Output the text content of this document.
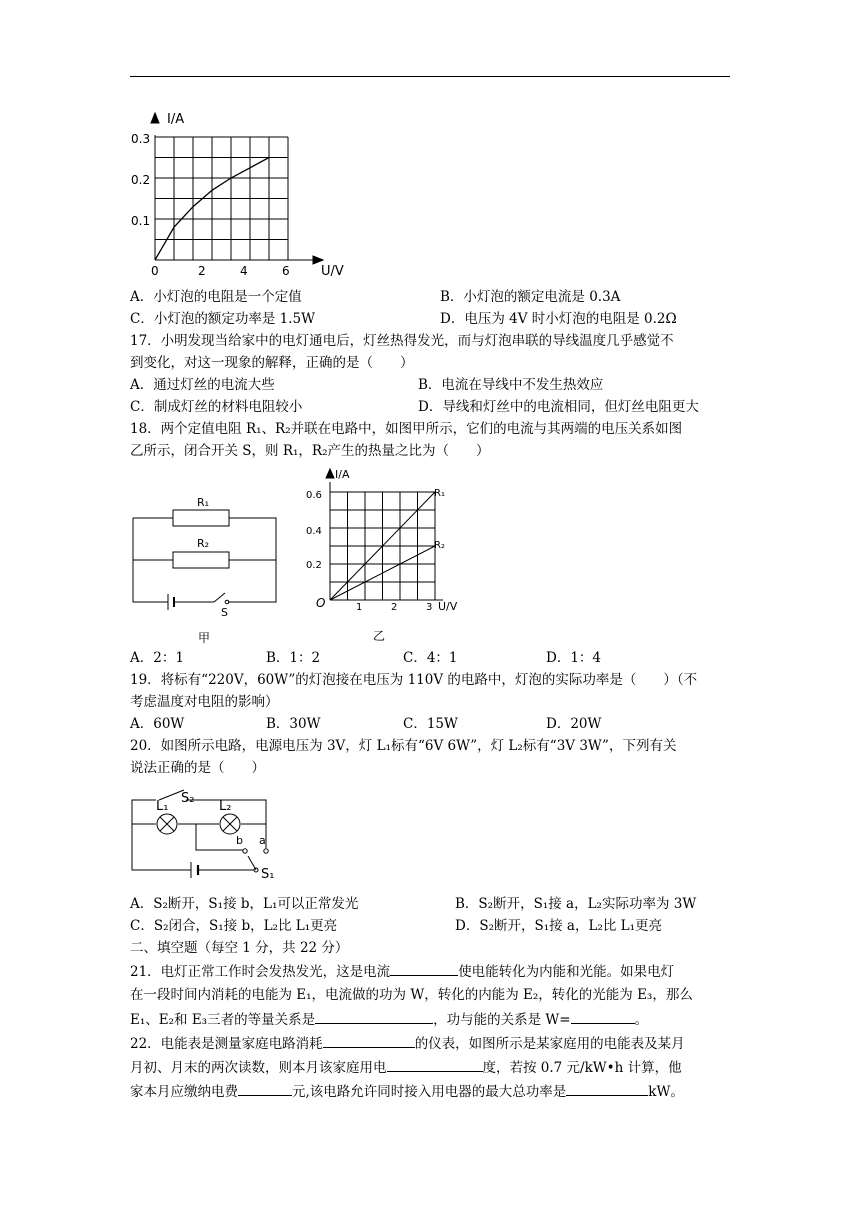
I/A
U/V
0.3
0.2
0.1
0	2	4	6
A．小灯泡的电阻是一个定值	B．小灯泡的额定电流是 0.3A
C．小灯泡的额定功率是 1.5W	D．电压为 4V 时小灯泡的电阻是 0.2Ω
17．小明发现当给家中的电灯通电后，灯丝热得发光，而与灯泡串联的导线温度几乎感觉不
到变化，对这一现象的解释，正确的是（　　）
A．通过灯丝的电流大些	B．电流在导线中不发生热效应
C．制成灯丝的材料电阻较小	D．导线和灯丝中的电流相同，但灯丝电阻更大
18．两个定值电阻 R₁、R₂并联在电路中，如图甲所示，它们的电流与其两端的电压关系如图
乙所示，闭合开关 S，则 R₁，R₂产生的热量之比为（　　）
R₁
R₂
S
甲
I/A
U/V
O
0.6
0.4
0.2
1	2	3
R₁
R₂
乙
A．2：1	B．1：2	C．4：1	D．1：4
19．将标有“220V，60W”的灯泡接在电压为 110V 的电路中，灯泡的实际功率是（　　）（不
考虑温度对电阻的影响）
A．60W	B．30W	C．15W	D．20W
20．如图所示电路，电源电压为 3V，灯 L₁标有“6V 6W”，灯 L₂标有“3V 3W”，下列有关
说法正确的是（　　）
L₁	L₂
S₂
b a
S₁
A．S₂断开，S₁接 b，L₁可以正常发光	B．S₂断开，S₁接 a，L₂实际功率为 3W
C．S₂闭合，S₁接 b，L₂比 L₁更亮	D．S₂断开，S₁接 a，L₂比 L₁更亮
二、填空题（每空 1 分，共 22 分）
21．电灯正常工作时会发热发光，这是电流	使电能转化为内能和光能。如果电灯
在一段时间内消耗的电能为 E₁，电流做的功为 W，转化的内能为 E₂，转化的光能为 E₃，那么
E₁、E₂和 E₃三者的等量关系是	，功与能的关系是 W=	。
22．电能表是测量家庭电路消耗	的仪表，如图所示是某家庭用的电能表及某月
月初、月末的两次读数，则本月该家庭用电	度，若按 0.7 元/kW•h 计算，他
家本月应缴纳电费	元,该电路允许同时接入用电器的最大总功率是	kW。
